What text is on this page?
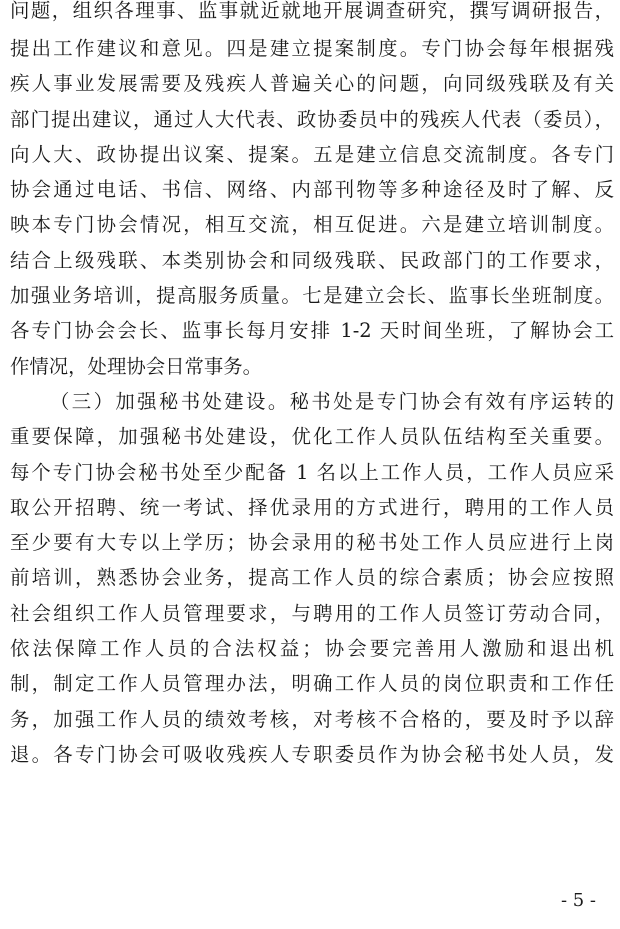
问题，组织各理事、监事就近就地开展调查研究，撰写调研报告，
提出工作建议和意见。四是建立提案制度。专门协会每年根据残
疾人事业发展需要及残疾人普遍关心的问题，向同级残联及有关
部门提出建议，通过人大代表、政协委员中的残疾人代表（委员），
向人大、政协提出议案、提案。五是建立信息交流制度。各专门
协会通过电话、书信、网络、内部刊物等多种途径及时了解、反
映本专门协会情况，相互交流，相互促进。六是建立培训制度。
结合上级残联、本类别协会和同级残联、民政部门的工作要求，
加强业务培训，提高服务质量。七是建立会长、监事长坐班制度。
各专门协会会长、监事长每月安排 1-2 天时间坐班，了解协会工
作情况，处理协会日常事务。
（三）加强秘书处建设。秘书处是专门协会有效有序运转的
重要保障，加强秘书处建设，优化工作人员队伍结构至关重要。
每个专门协会秘书处至少配备 1 名以上工作人员，工作人员应采
取公开招聘、统一考试、择优录用的方式进行，聘用的工作人员
至少要有大专以上学历；协会录用的秘书处工作人员应进行上岗
前培训，熟悉协会业务，提高工作人员的综合素质；协会应按照
社会组织工作人员管理要求，与聘用的工作人员签订劳动合同，
依法保障工作人员的合法权益；协会要完善用人激励和退出机
制，制定工作人员管理办法，明确工作人员的岗位职责和工作任
务，加强工作人员的绩效考核，对考核不合格的，要及时予以辞
退。各专门协会可吸收残疾人专职委员作为协会秘书处人员，发
- 5 -
